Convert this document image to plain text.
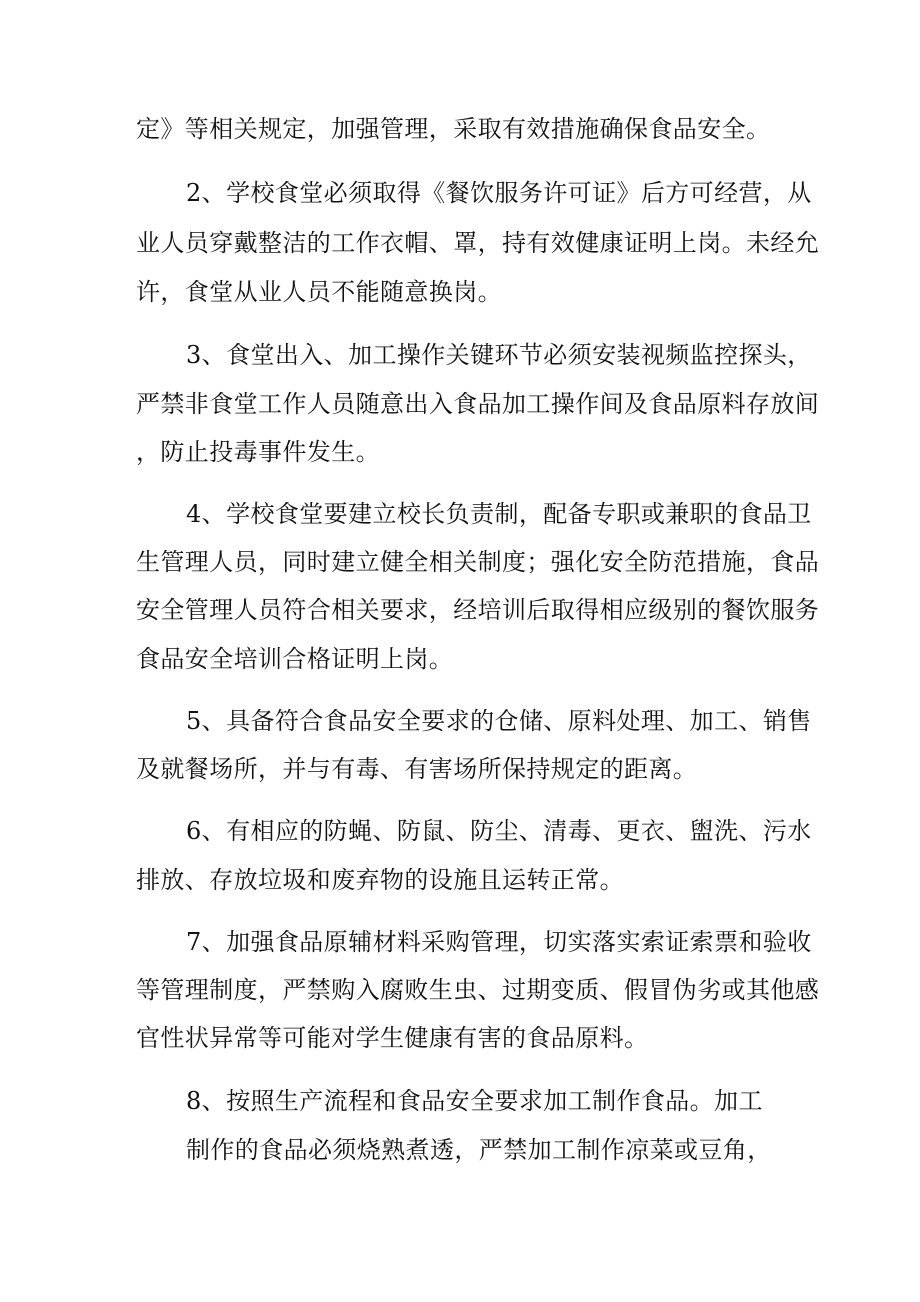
定》等相关规定，加强管理，采取有效措施确保食品安全。
2、学校食堂必须取得《餐饮服务许可证》后方可经营，从
业人员穿戴整洁的工作衣帽、罩，持有效健康证明上岗。未经允
许，食堂从业人员不能随意换岗。
3、食堂出入、加工操作关键环节必须安装视频监控探头，
严禁非食堂工作人员随意出入食品加工操作间及食品原料存放间
，防止投毒事件发生。
4、学校食堂要建立校长负责制，配备专职或兼职的食品卫
生管理人员，同时建立健全相关制度；强化安全防范措施，食品
安全管理人员符合相关要求，经培训后取得相应级别的餐饮服务
食品安全培训合格证明上岗。
5、具备符合食品安全要求的仓储、原料处理、加工、销售
及就餐场所，并与有毒、有害场所保持规定的距离。
6、有相应的防蝇、防鼠、防尘、清毒、更衣、盥洗、污水
排放、存放垃圾和废弃物的设施且运转正常。
7、加强食品原辅材料采购管理，切实落实索证索票和验收
等管理制度，严禁购入腐败生虫、过期变质、假冒伪劣或其他感
官性状异常等可能对学生健康有害的食品原料。
8、按照生产流程和食品安全要求加工制作食品。加工
制作的食品必须烧熟煮透，严禁加工制作凉菜或豆角，
